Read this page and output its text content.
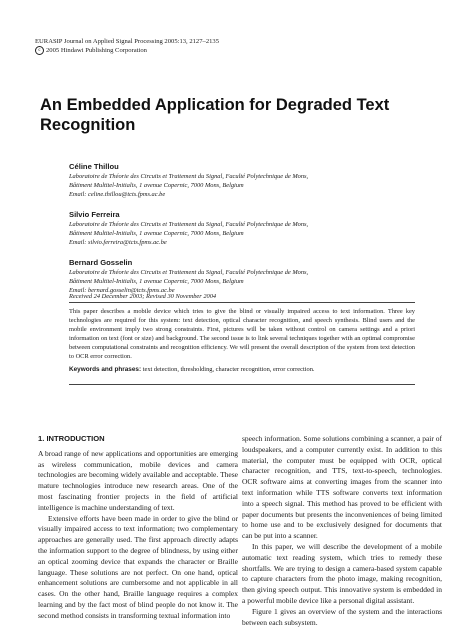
EURASIP Journal on Applied Signal Processing 2005:13, 2127–2135
c 2005 Hindawi Publishing Corporation
An Embedded Application for Degraded Text Recognition
Céline Thillou
Laboratoire de Théorie des Circuits et Traitement du Signal, Faculté Polytechnique de Mons,
Bâtiment Multitel-Initialis, 1 avenue Copernic, 7000 Mons, Belgium
Email: celine.thillou@tcts.fpms.ac.be
Silvio Ferreira
Laboratoire de Théorie des Circuits et Traitement du Signal, Faculté Polytechnique de Mons,
Bâtiment Multitel-Initialis, 1 avenue Copernic, 7000 Mons, Belgium
Email: silvio.ferreira@tcts.fpms.ac.be
Bernard Gosselin
Laboratoire de Théorie des Circuits et Traitement du Signal, Faculté Polytechnique de Mons,
Bâtiment Multitel-Initialis, 1 avenue Copernic, 7000 Mons, Belgium
Email: bernard.gosselin@tcts.fpms.ac.be
Received 24 December 2003; Revised 30 November 2004
This paper describes a mobile device which tries to give the blind or visually impaired access to text information. Three key technologies are required for this system: text detection, optical character recognition, and speech synthesis. Blind users and the mobile environment imply two strong constraints. First, pictures will be taken without control on camera settings and a priori information on text (font or size) and background. The second issue is to link several techniques together with an optimal compromise between computational constraints and recognition efficiency. We will present the overall description of the system from text detection to OCR error correction.
Keywords and phrases: text detection, thresholding, character recognition, error correction.
1. INTRODUCTION

A broad range of new applications and opportunities are emerging as wireless communication, mobile devices and camera technologies are becoming widely available and acceptable. These mature technologies introduce new research areas. One of the most fascinating frontier projects in the field of artificial intelligence is machine understanding of text.

Extensive efforts have been made in order to give the blind or visually impaired access to text information; two complementary approaches are generally used. The first approach directly adapts the information support to the degree of blindness, by using either an optical zooming device that expands the character or Braille language. These solutions are not perfect. On one hand, optical enhancement solutions are cumbersome and not applicable in all cases. On the other hand, Braille language requires a complex learning and by the fact most of blind people do not know it. The second method consists in transforming textual information into

speech information. Some solutions combining a scanner, a pair of loudspeakers, and a computer currently exist. In addition to this material, the computer must be equipped with OCR, optical character recognition, and TTS, text-to-speech, technologies. OCR software aims at converting images from the scanner into text information while TTS software converts text information into a speech signal. This method has proved to be efficient with paper documents but presents the inconveniences of being limited to home use and to be exclusively designed for documents that can be put into a scanner.

In this paper, we will describe the development of a mobile automatic text reading system, which tries to remedy these shortfalls. We are trying to design a camera-based system capable to capture characters from the photo image, making recognition, then giving speech output. This innovative system is embedded in a powerful mobile device like a personal digital assistant.

Figure 1 gives an overview of the system and the interactions between each subsystem.
